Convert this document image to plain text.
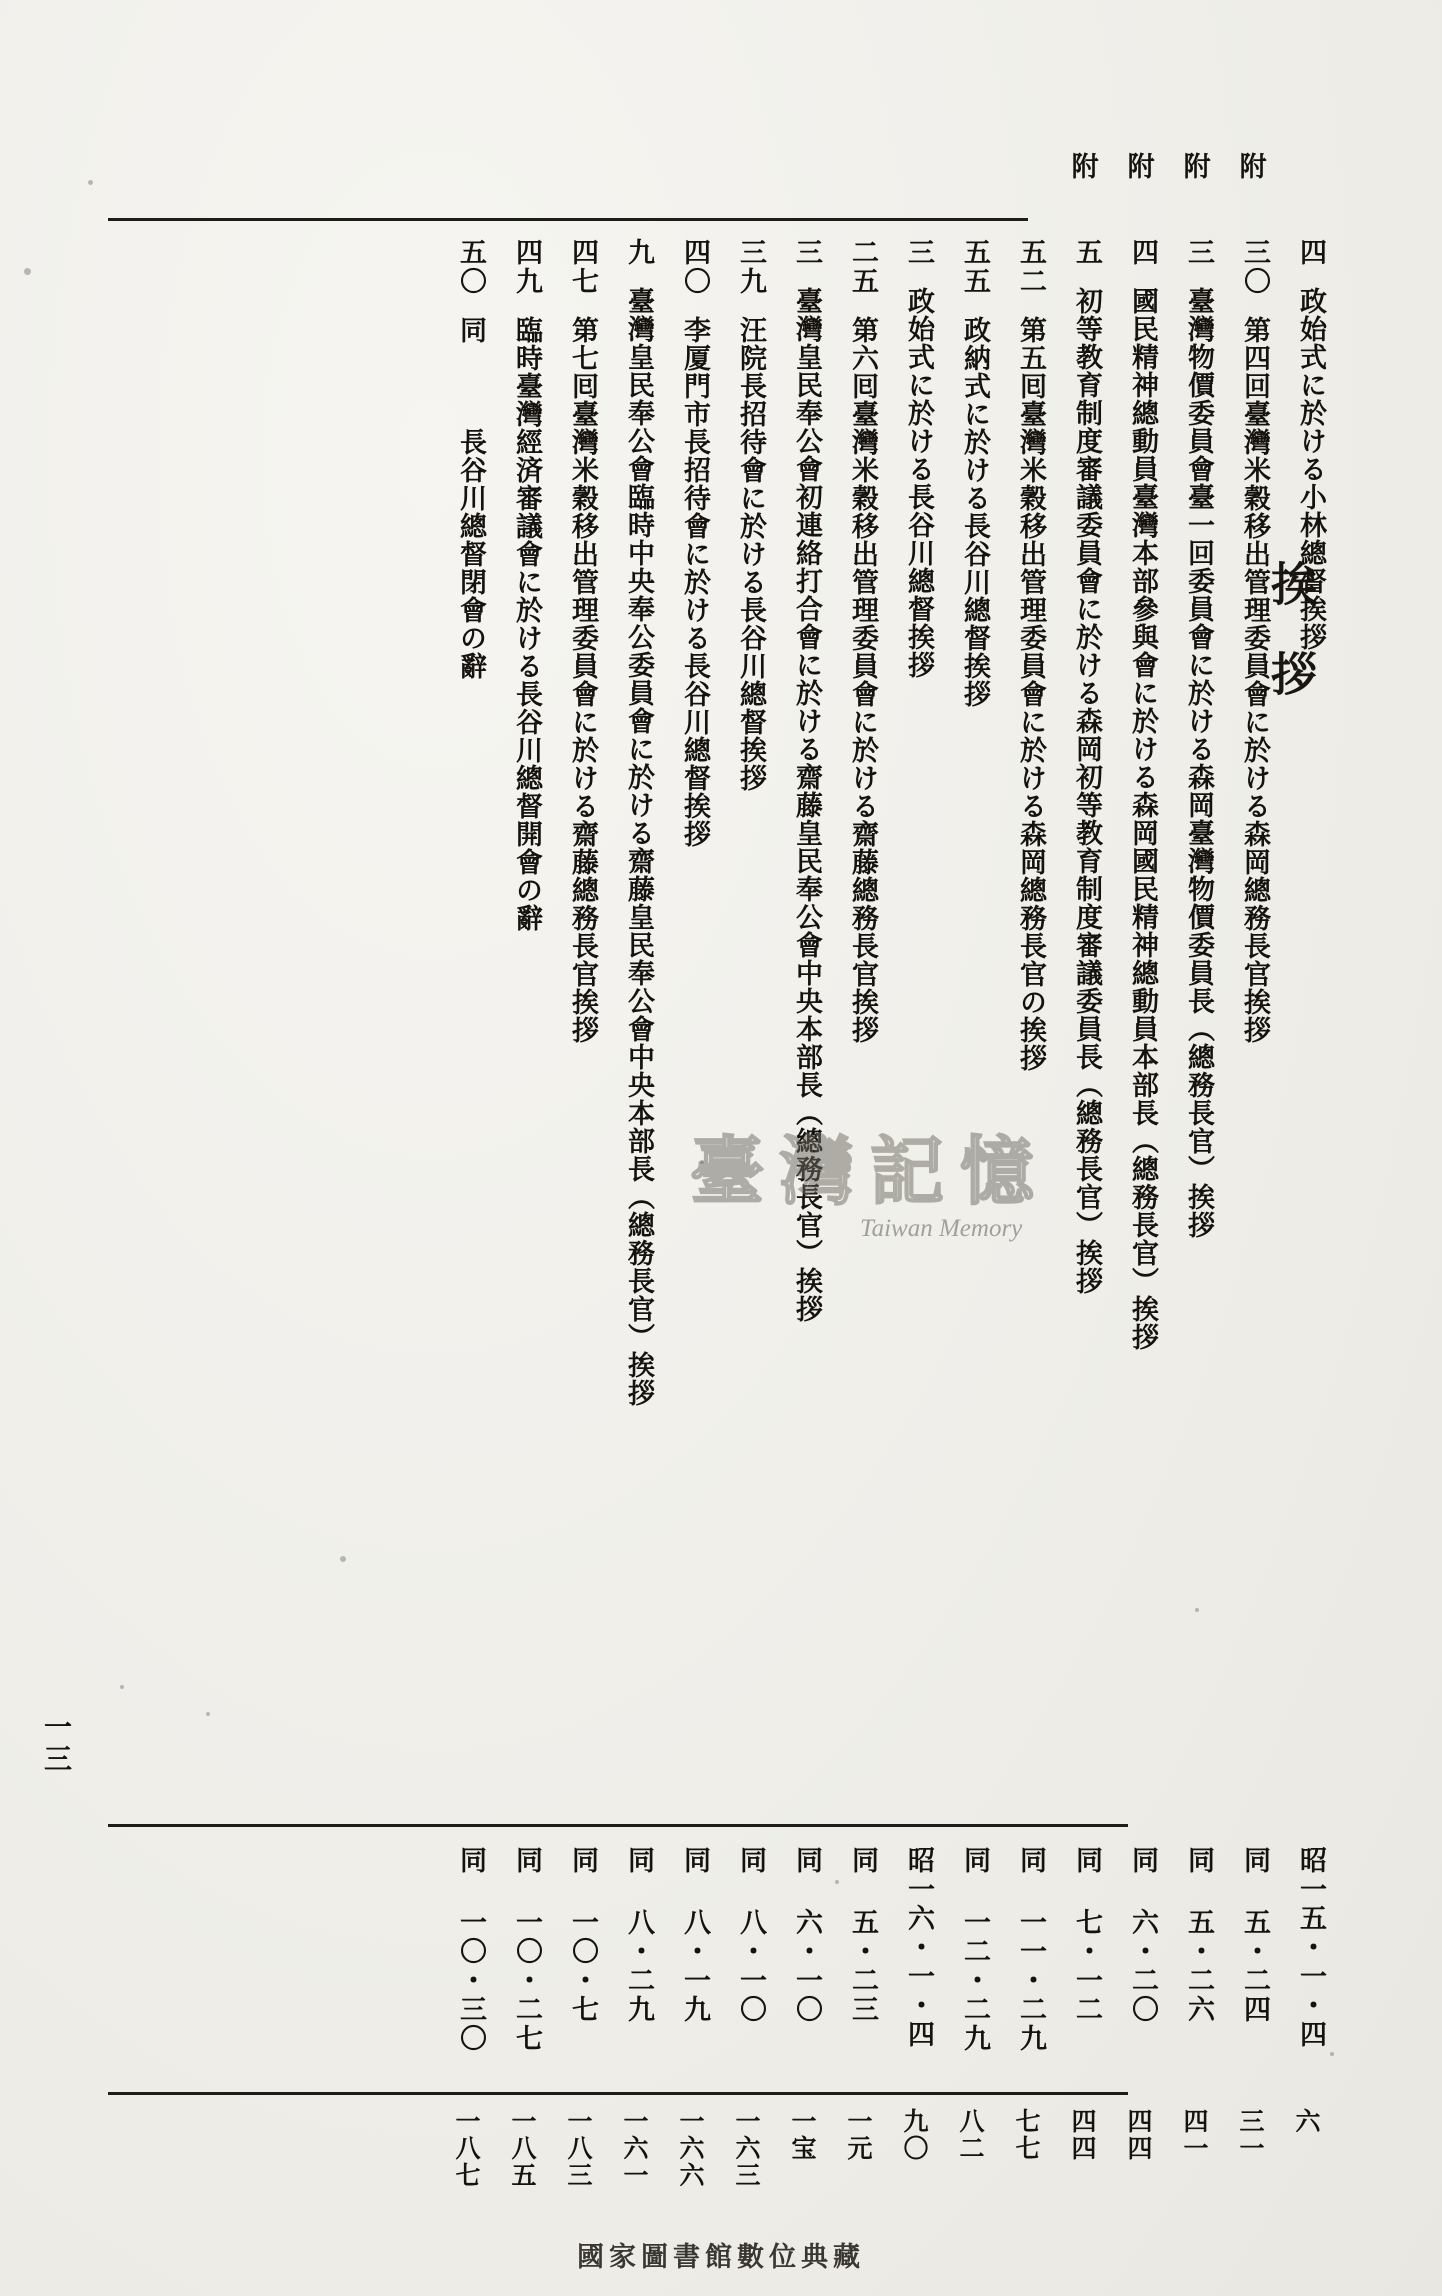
挨拶
四政始式に於ける小林總督挨拶
附 三〇第四回臺灣米穀移出管理委員會に於ける森岡總務長官挨拶
附 三臺灣物價委員會臺一回委員會に於ける森岡臺灣物價委員長（總務長官）挨拶
附 四國民精神總動員臺灣本部參與會に於ける森岡國民精神總動員本部長（總務長官）挨拶
附 五初等教育制度審議委員會に於ける森岡初等教育制度審議委員長（總務長官）挨拶
五二第五囘臺灣米穀移出管理委員會に於ける森岡總務長官の挨拶
五五政納式に於ける長谷川總督挨拶
三政始式に於ける長谷川總督挨拶
二五第六囘臺灣米穀移出管理委員會に於ける齋藤總務長官挨拶
三臺灣皇民奉公會初連絡打合會に於ける齋藤皇民奉公會中央本部長（總務長官）挨拶
三九汪院長招待會に於ける長谷川總督挨拶
四〇李厦門市長招待會に於ける長谷川總督挨拶
九臺灣皇民奉公會臨時中央奉公委員會に於ける齋藤皇民奉公會中央本部長（總務長官）挨拶
四七第七囘臺灣米穀移出管理委員會に於ける齋藤總務長官挨拶
四九臨時臺灣經済審議會に於ける長谷川總督開會の辭
五〇同　　　長谷川總督閉會の辭
昭一五・一・四
同 五・二四
同 五・二六
同 六・二〇
同 七・一二
同 一一・二九
同 一二・二九
昭一六・一・四
同 五・二三
同 六・一〇
同 八・一〇
同 八・一九
同 八・二九
同 一〇・七
同 一〇・二七
同 一〇・三〇
六
三一
四一
四四
四四
七七
八二
九〇
一元
一宝
一六三
一六六
一六一
一八三
一八五
一八七
一三
臺灣記憶
Taiwan Memory
國家圖書館數位典藏
